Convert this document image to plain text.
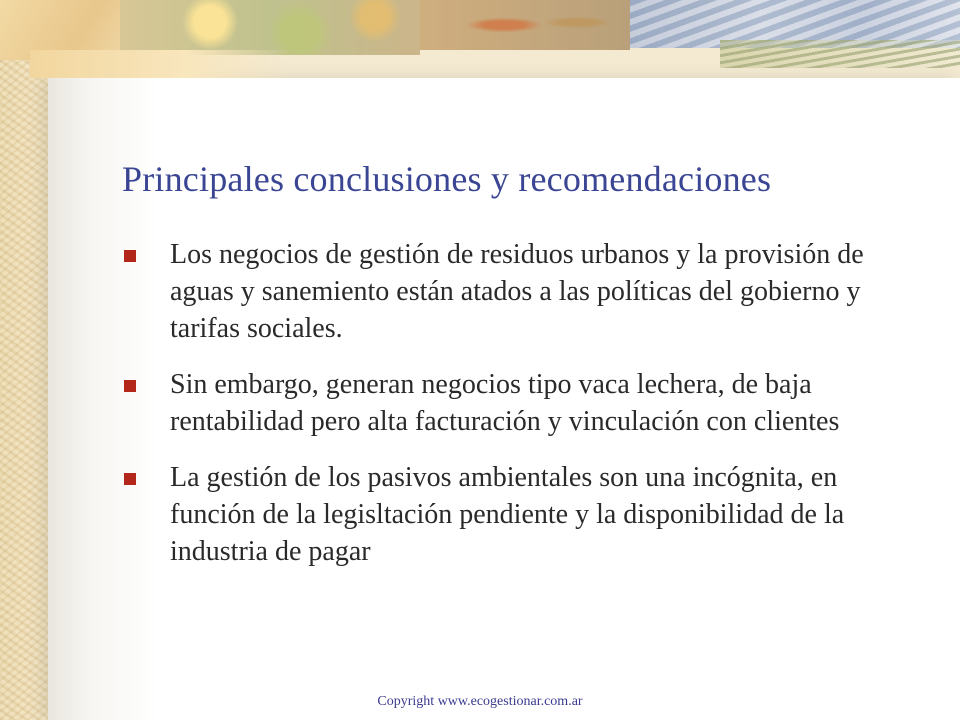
Principales conclusiones y recomendaciones
Los negocios de gestión de residuos urbanos y la provisión de aguas y sanemiento están atados a las políticas del gobierno y tarifas sociales.
Sin embargo, generan negocios tipo vaca lechera, de baja rentabilidad pero alta facturación y vinculación con clientes
La gestión de los pasivos ambientales son una incógnita, en función de la legisltación pendiente y la disponibilidad de la industria de pagar
Copyright www.ecogestionar.com.ar
